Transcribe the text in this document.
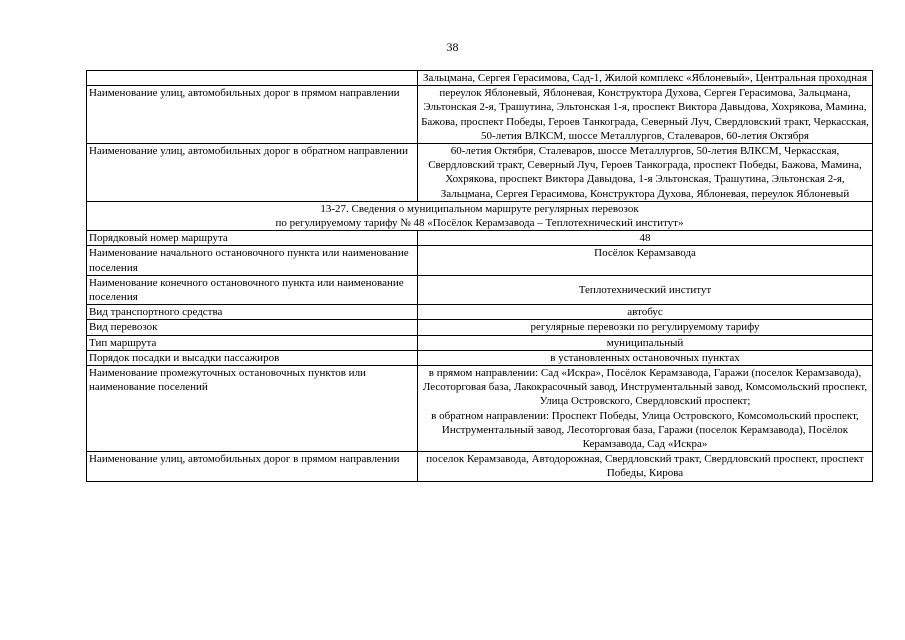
38
	Зальцмана, Сергея Герасимова, Сад-1, Жилой комплекс «Яблоневый», Центральная проходная
Наименование улиц, автомобильных дорог в прямом направлении	переулок Яблоневый, Яблоневая, Конструктора Духова, Сергея Герасимова, Зальцмана, Эльтонская 2-я, Трашутина, Эльтонская 1-я, проспект Виктора Давыдова, Хохрякова, Мамина, Бажова, проспект Победы, Героев Танкограда, Северный Луч, Свердловский тракт, Черкасская, 50-летия ВЛКСМ, шоссе Металлургов, Сталеваров, 60-летия Октября
Наименование улиц, автомобильных дорог в обратном направлении	60-летия Октября, Сталеваров, шоссе Металлургов, 50-летия ВЛКСМ, Черкасская, Свердловский тракт, Северный Луч, Героев Танкограда, проспект Победы, Бажова, Мамина, Хохрякова, проспект Виктора Давыдова, 1-я Эльтонская, Трашутина, Эльтонская 2-я, Зальцмана, Сергея Герасимова, Конструктора Духова, Яблоневая, переулок Яблоневый

13-27. Сведения о муниципальном маршруте регулярных перевозок
по регулируемому тарифу № 48 «Посёлок Керамзавода – Теплотехнический институт»	

Порядковый номер маршрута	48
Наименование начального остановочного пункта или наименование поселения	Посёлок Керамзавода
Наименование конечного остановочного пункта или наименование поселения	Теплотехнический институт
Вид транспортного средства	автобус
Вид перевозок	регулярные перевозки по регулируемому тарифу
Тип маршрута	муниципальный
Порядок посадки и высадки пассажиров	в установленных остановочных пунктах
Наименование промежуточных остановочных пунктов или наименование поселений	в прямом направлении: Сад «Искра», Посёлок Керамзавода, Гаражи (поселок Керамзавода), Лесоторговая база, Лакокрасочный завод, Инструментальный завод, Комсомольский проспект, Улица Островского, Свердловский проспект;
в обратном направлении: Проспект Победы, Улица Островского, Комсомольский проспект, Инструментальный завод, Лесоторговая база, Гаражи (поселок Керамзавода), Посёлок Керамзавода, Сад «Искра»

Наименование улиц, автомобильных дорог в прямом направлении	поселок Керамзавода, Автодорожная, Свердловский тракт, Свердловский проспект, проспект Победы, Кирова
